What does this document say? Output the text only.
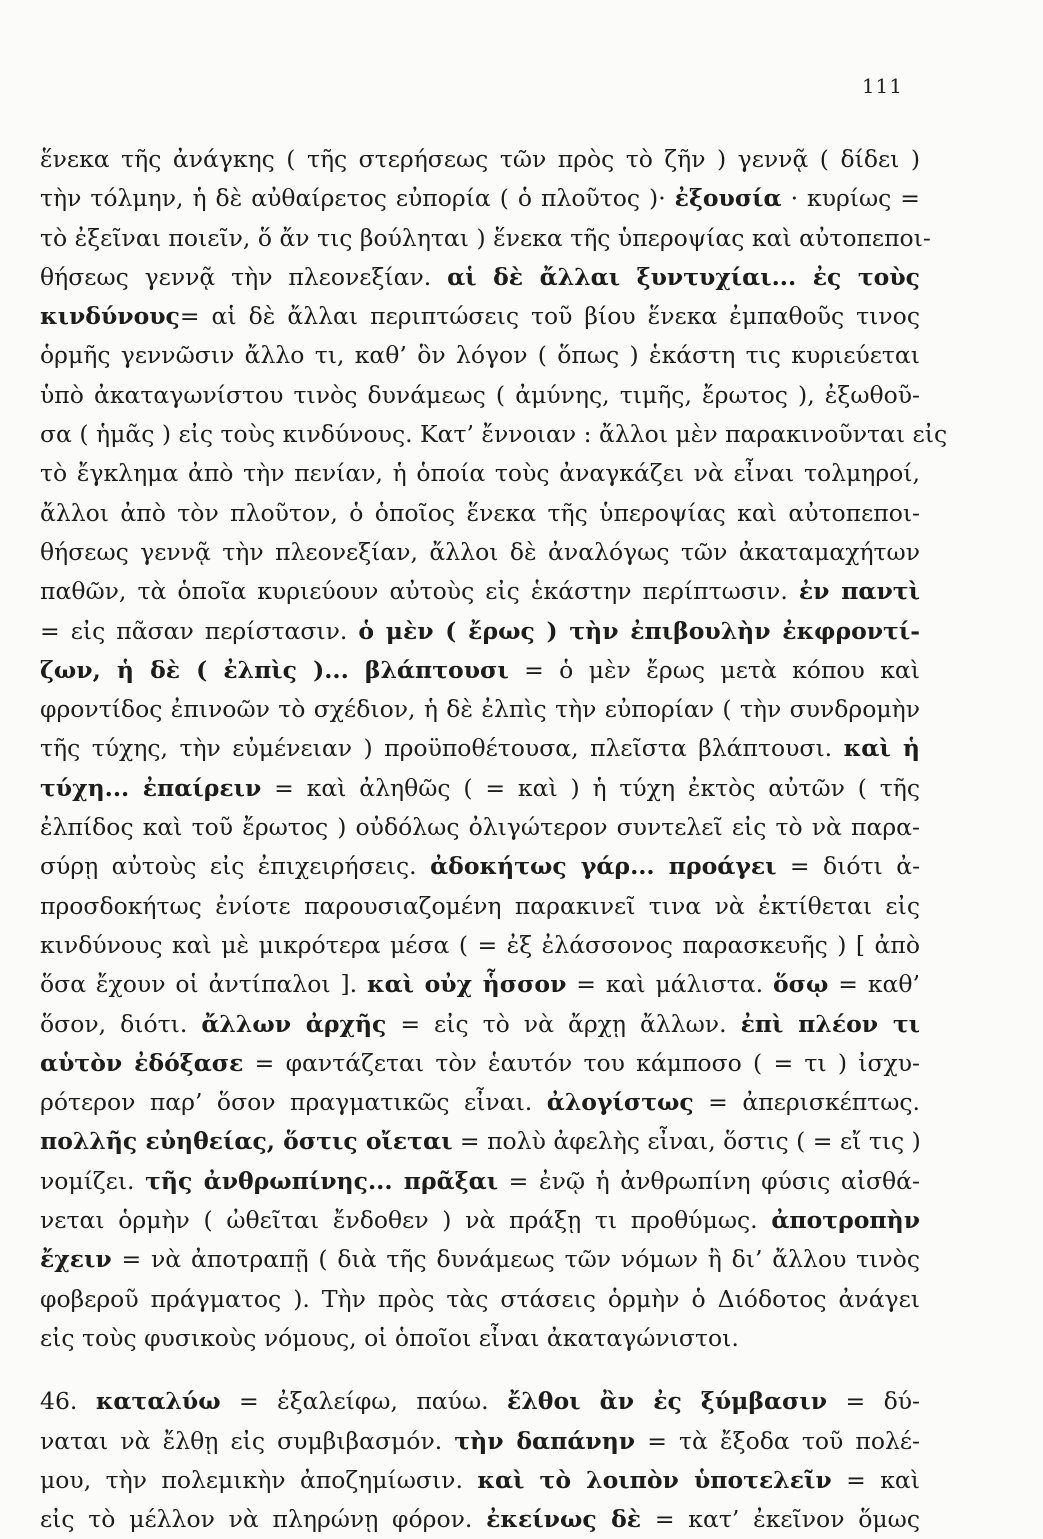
111
ἕνεκα τῆς ἀνάγκης ( τῆς στερήσεως τῶν πρὸς τὸ ζῆν ) γεννᾷ ( δίδει )
τὴν τόλμην, ἡ δὲ αὐθαίρετος εὐπορία ( ὁ πλοῦτος )· ἐξουσία · κυρίως =
τὸ ἐξεῖναι ποιεῖν, ὅ ἄν τις βούληται ) ἕνεκα τῆς ὑπεροψίας καὶ αὐτοπεποι-
θήσεως γεννᾷ τὴν πλεονεξίαν. αἱ δὲ ἄλλαι ξυντυχίαι... ἐς τοὺς
κινδύνους= αἱ δὲ ἄλλαι περιπτώσεις τοῦ βίου ἕνεκα ἐμπαθοῦς τινος
ὁρμῆς γεννῶσιν ἄλλο τι, καθ’ ὃν λόγον ( ὅπως ) ἑκάστη τις κυριεύεται
ὑπὸ ἀκαταγωνίστου τινὸς δυνάμεως ( ἀμύνης, τιμῆς, ἔρωτος ), ἐξωθοῦ-
σα ( ἡμᾶς ) εἰς τοὺς κινδύνους. Κατ’ ἔννοιαν : ἄλλοι μὲν παρακινοῦνται εἰς
τὸ ἔγκλημα ἀπὸ τὴν πενίαν, ἡ ὁποία τοὺς ἀναγκάζει νὰ εἶναι τολμηροί,
ἄλλοι ἀπὸ τὸν πλοῦτον, ὁ ὁποῖος ἕνεκα τῆς ὑπεροψίας καὶ αὐτοπεποι-
θήσεως γεννᾷ τὴν πλεονεξίαν, ἄλλοι δὲ ἀναλόγως τῶν ἀκαταμαχήτων
παθῶν, τὰ ὁποῖα κυριεύουν αὐτοὺς εἰς ἑκάστην περίπτωσιν. ἐν παντὶ
= εἰς πᾶσαν περίστασιν. ὁ μὲν ( ἔρως ) τὴν ἐπιβουλὴν ἐκφροντί-
ζων, ἡ δὲ ( ἐλπὶς )... βλάπτουσι = ὁ μὲν ἔρως μετὰ κόπου καὶ
φροντίδος ἐπινοῶν τὸ σχέδιον, ἡ δὲ ἐλπὶς τὴν εὐπορίαν ( τὴν συνδρομὴν
τῆς τύχης, τὴν εὐμένειαν ) προϋποθέτουσα, πλεῖστα βλάπτουσι. καὶ ἡ
τύχη... ἐπαίρειν = καὶ ἀληθῶς ( = καὶ ) ἡ τύχη ἐκτὸς αὐτῶν ( τῆς
ἐλπίδος καὶ τοῦ ἔρωτος ) οὐδόλως ὀλιγώτερον συντελεῖ εἰς τὸ νὰ παρα-
σύρῃ αὐτοὺς εἰς ἐπιχειρήσεις. ἀδοκήτως γάρ... προάγει = διότι ἀ-
προσδοκήτως ἐνίοτε παρουσιαζομένη παρακινεῖ τινα νὰ ἐκτίθεται εἰς
κινδύνους καὶ μὲ μικρότερα μέσα ( = ἐξ ἐλάσσονος παρασκευῆς ) [ ἀπὸ
ὅσα ἔχουν οἱ ἀντίπαλοι ]. καὶ οὐχ ἧσσον = καὶ μάλιστα. ὅσῳ = καθ’
ὅσον, διότι. ἄλλων ἀρχῆς = εἰς τὸ νὰ ἄρχῃ ἄλλων. ἐπὶ πλέον τι
αὑτὸν ἐδόξασε = φαντάζεται τὸν ἑαυτόν του κάμποσο ( = τι ) ἰσχυ-
ρότερον παρ’ ὅσον πραγματικῶς εἶναι. ἀλογίστως = ἀπερισκέπτως.
πολλῆς εὐηθείας, ὅστις οἴεται = πολὺ ἀφελὴς εἶναι, ὅστις ( = εἴ τις )
νομίζει. τῆς ἀνθρωπίνης... πρᾶξαι = ἐνῷ ἡ ἀνθρωπίνη φύσις αἰσθά-
νεται ὁρμὴν ( ὠθεῖται ἔνδοθεν ) νὰ πράξῃ τι προθύμως. ἀποτροπὴν
ἔχειν = νὰ ἀποτραπῇ ( διὰ τῆς δυνάμεως τῶν νόμων ἢ δι’ ἄλλου τινὸς
φοβεροῦ πράγματος ). Τὴν πρὸς τὰς στάσεις ὁρμὴν ὁ Διόδοτος ἀνάγει
εἰς τοὺς φυσικοὺς νόμους, οἱ ὁποῖοι εἶναι ἀκαταγώνιστοι.
46. καταλύω = ἐξαλείφω, παύω. ἔλθοι ἂν ἐς ξύμβασιν = δύ-
ναται νὰ ἔλθῃ εἰς συμβιβασμόν. τὴν δαπάνην = τὰ ἔξοδα τοῦ πολέ-
μου, τὴν πολεμικὴν ἀποζημίωσιν. καὶ τὸ λοιπὸν ὑποτελεῖν = καὶ
εἰς τὸ μέλλον νὰ πληρώνῃ φόρον. ἐκείνως δὲ = κατ’ ἐκεῖνον ὅμως
